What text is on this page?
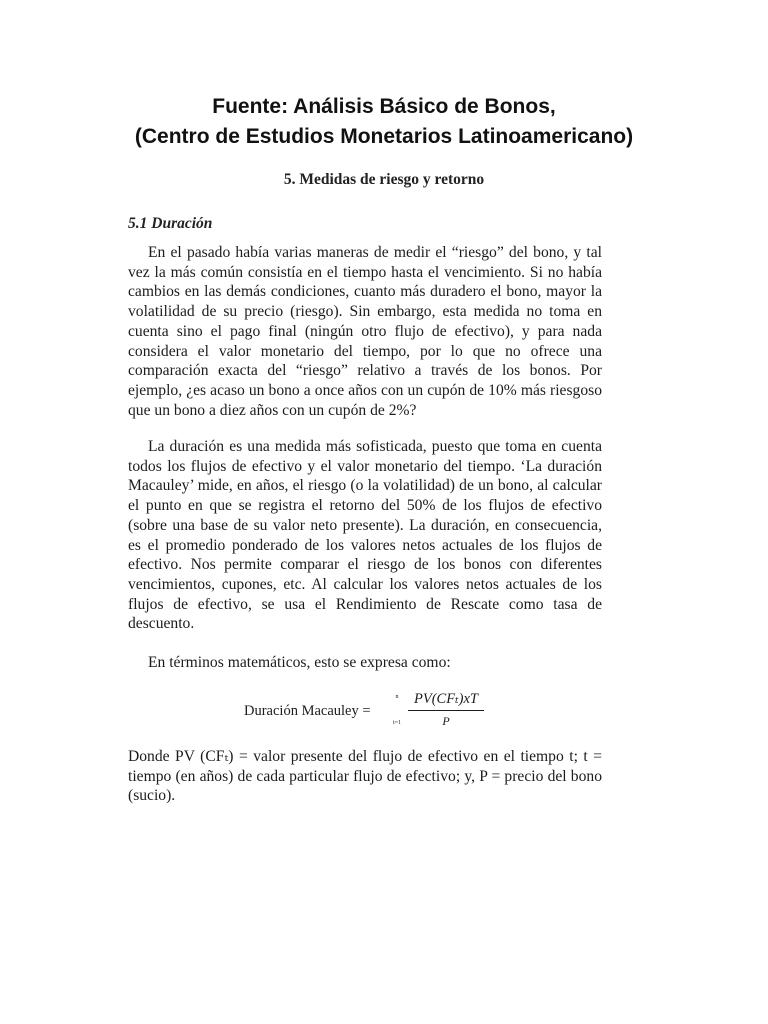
Fuente: Análisis Básico de Bonos,
(Centro de Estudios Monetarios Latinoamericano)
5. Medidas de riesgo y retorno
5.1 Duración

En el pasado había varias maneras de medir el “riesgo” del bono, y tal vez la más común consistía en el tiempo hasta el vencimiento. Si no había cambios en las demás condiciones, cuanto más duradero el bono, mayor la volatilidad de su precio (riesgo). Sin embargo, esta medida no toma en cuenta sino el pago final (ningún otro flujo de efectivo), y para nada considera el valor monetario del tiempo, por lo que no ofrece una comparación exacta del “riesgo” relativo a través de los bonos. Por ejemplo, ¿es acaso un bono a once años con un cupón de 10% más riesgoso que un bono a diez años con un cupón de 2%?

La duración es una medida más sofisticada, puesto que toma en cuenta todos los flujos de efectivo y el valor monetario del tiempo. ‘La duración Macauley’ mide, en años, el riesgo (o la volatilidad) de un bono, al calcular el punto en que se registra el retorno del 50% de los flujos de efectivo (sobre una base de su valor neto presente). La duración, en consecuencia, es el promedio ponderado de los valores netos actuales de los flujos de efectivo. Nos permite comparar el riesgo de los bonos con diferentes vencimientos, cupones, etc. Al calcular los valores netos actuales de los flujos de efectivo, se usa el Rendimiento de Rescate como tasa de descuento.

En términos matemáticos, esto se expresa como:

Duración Macauley =
n
t=1
PV(CFₜ)xT
P

Donde PV (CFₜ) = valor presente del flujo de efectivo en el tiempo t; t = tiempo (en años) de cada particular flujo de efectivo; y, P = precio del bono (sucio).
